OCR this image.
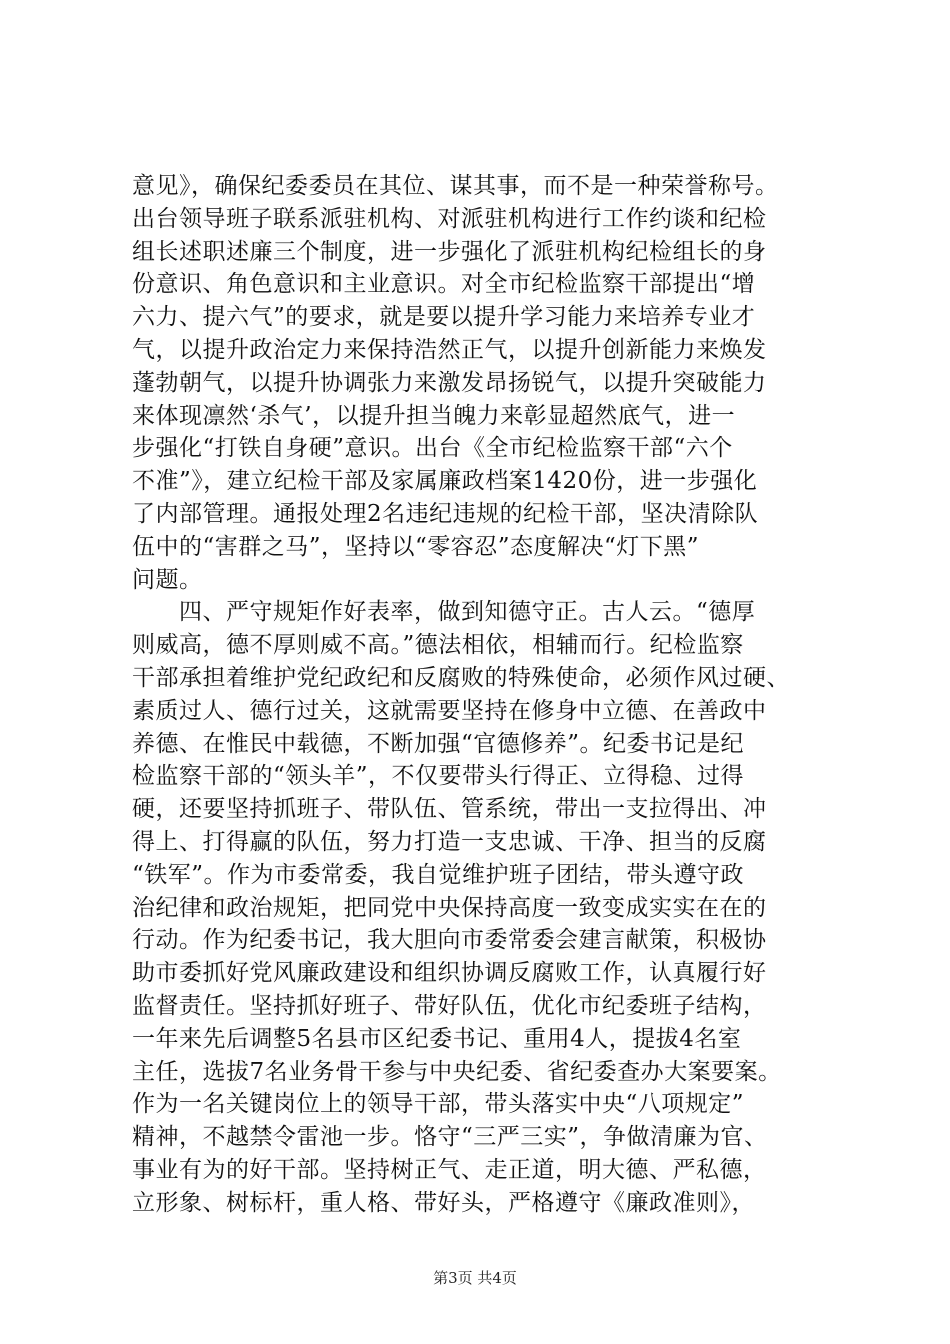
意见》，确保纪委委员在其位、谋其事，而不是一种荣誉称号。
出台领导班子联系派驻机构、对派驻机构进行工作约谈和纪检
组长述职述廉三个制度，进一步强化了派驻机构纪检组长的身
份意识、角色意识和主业意识。对全市纪检监察干部提出“增
六力、提六气”的要求，就是要以提升学习能力来培养专业才
气，以提升政治定力来保持浩然正气，以提升创新能力来焕发
蓬勃朝气，以提升协调张力来激发昂扬锐气，以提升突破能力
来体现凛然‘杀气’，以提升担当魄力来彰显超然底气，进一
步强化“打铁自身硬”意识。出台《全市纪检监察干部“六个
不准”》，建立纪检干部及家属廉政档案1420份，进一步强化
了内部管理。通报处理2名违纪违规的纪检干部，坚决清除队
伍中的“害群之马”，坚持以“零容忍”态度解决“灯下黑”
问题。
　　四、严守规矩作好表率，做到知德守正。古人云。“德厚
则威高，德不厚则威不高。”德法相依，相辅而行。纪检监察
干部承担着维护党纪政纪和反腐败的特殊使命，必须作风过硬、
素质过人、德行过关，这就需要坚持在修身中立德、在善政中
养德、在惟民中载德，不断加强“官德修养”。纪委书记是纪
检监察干部的“领头羊”，不仅要带头行得正、立得稳、过得
硬，还要坚持抓班子、带队伍、管系统，带出一支拉得出、冲
得上、打得赢的队伍，努力打造一支忠诚、干净、担当的反腐
“铁军”。作为市委常委，我自觉维护班子团结，带头遵守政
治纪律和政治规矩，把同党中央保持高度一致变成实实在在的
行动。作为纪委书记，我大胆向市委常委会建言献策，积极协
助市委抓好党风廉政建设和组织协调反腐败工作，认真履行好
监督责任。坚持抓好班子、带好队伍，优化市纪委班子结构，
一年来先后调整5名县市区纪委书记、重用4人，提拔4名室
主任，选拔7名业务骨干参与中央纪委、省纪委查办大案要案。
作为一名关键岗位上的领导干部，带头落实中央“八项规定”
精神，不越禁令雷池一步。恪守“三严三实”，争做清廉为官、
事业有为的好干部。坚持树正气、走正道，明大德、严私德，
立形象、树标杆，重人格、带好头，严格遵守《廉政准则》，
第3页 共4页
